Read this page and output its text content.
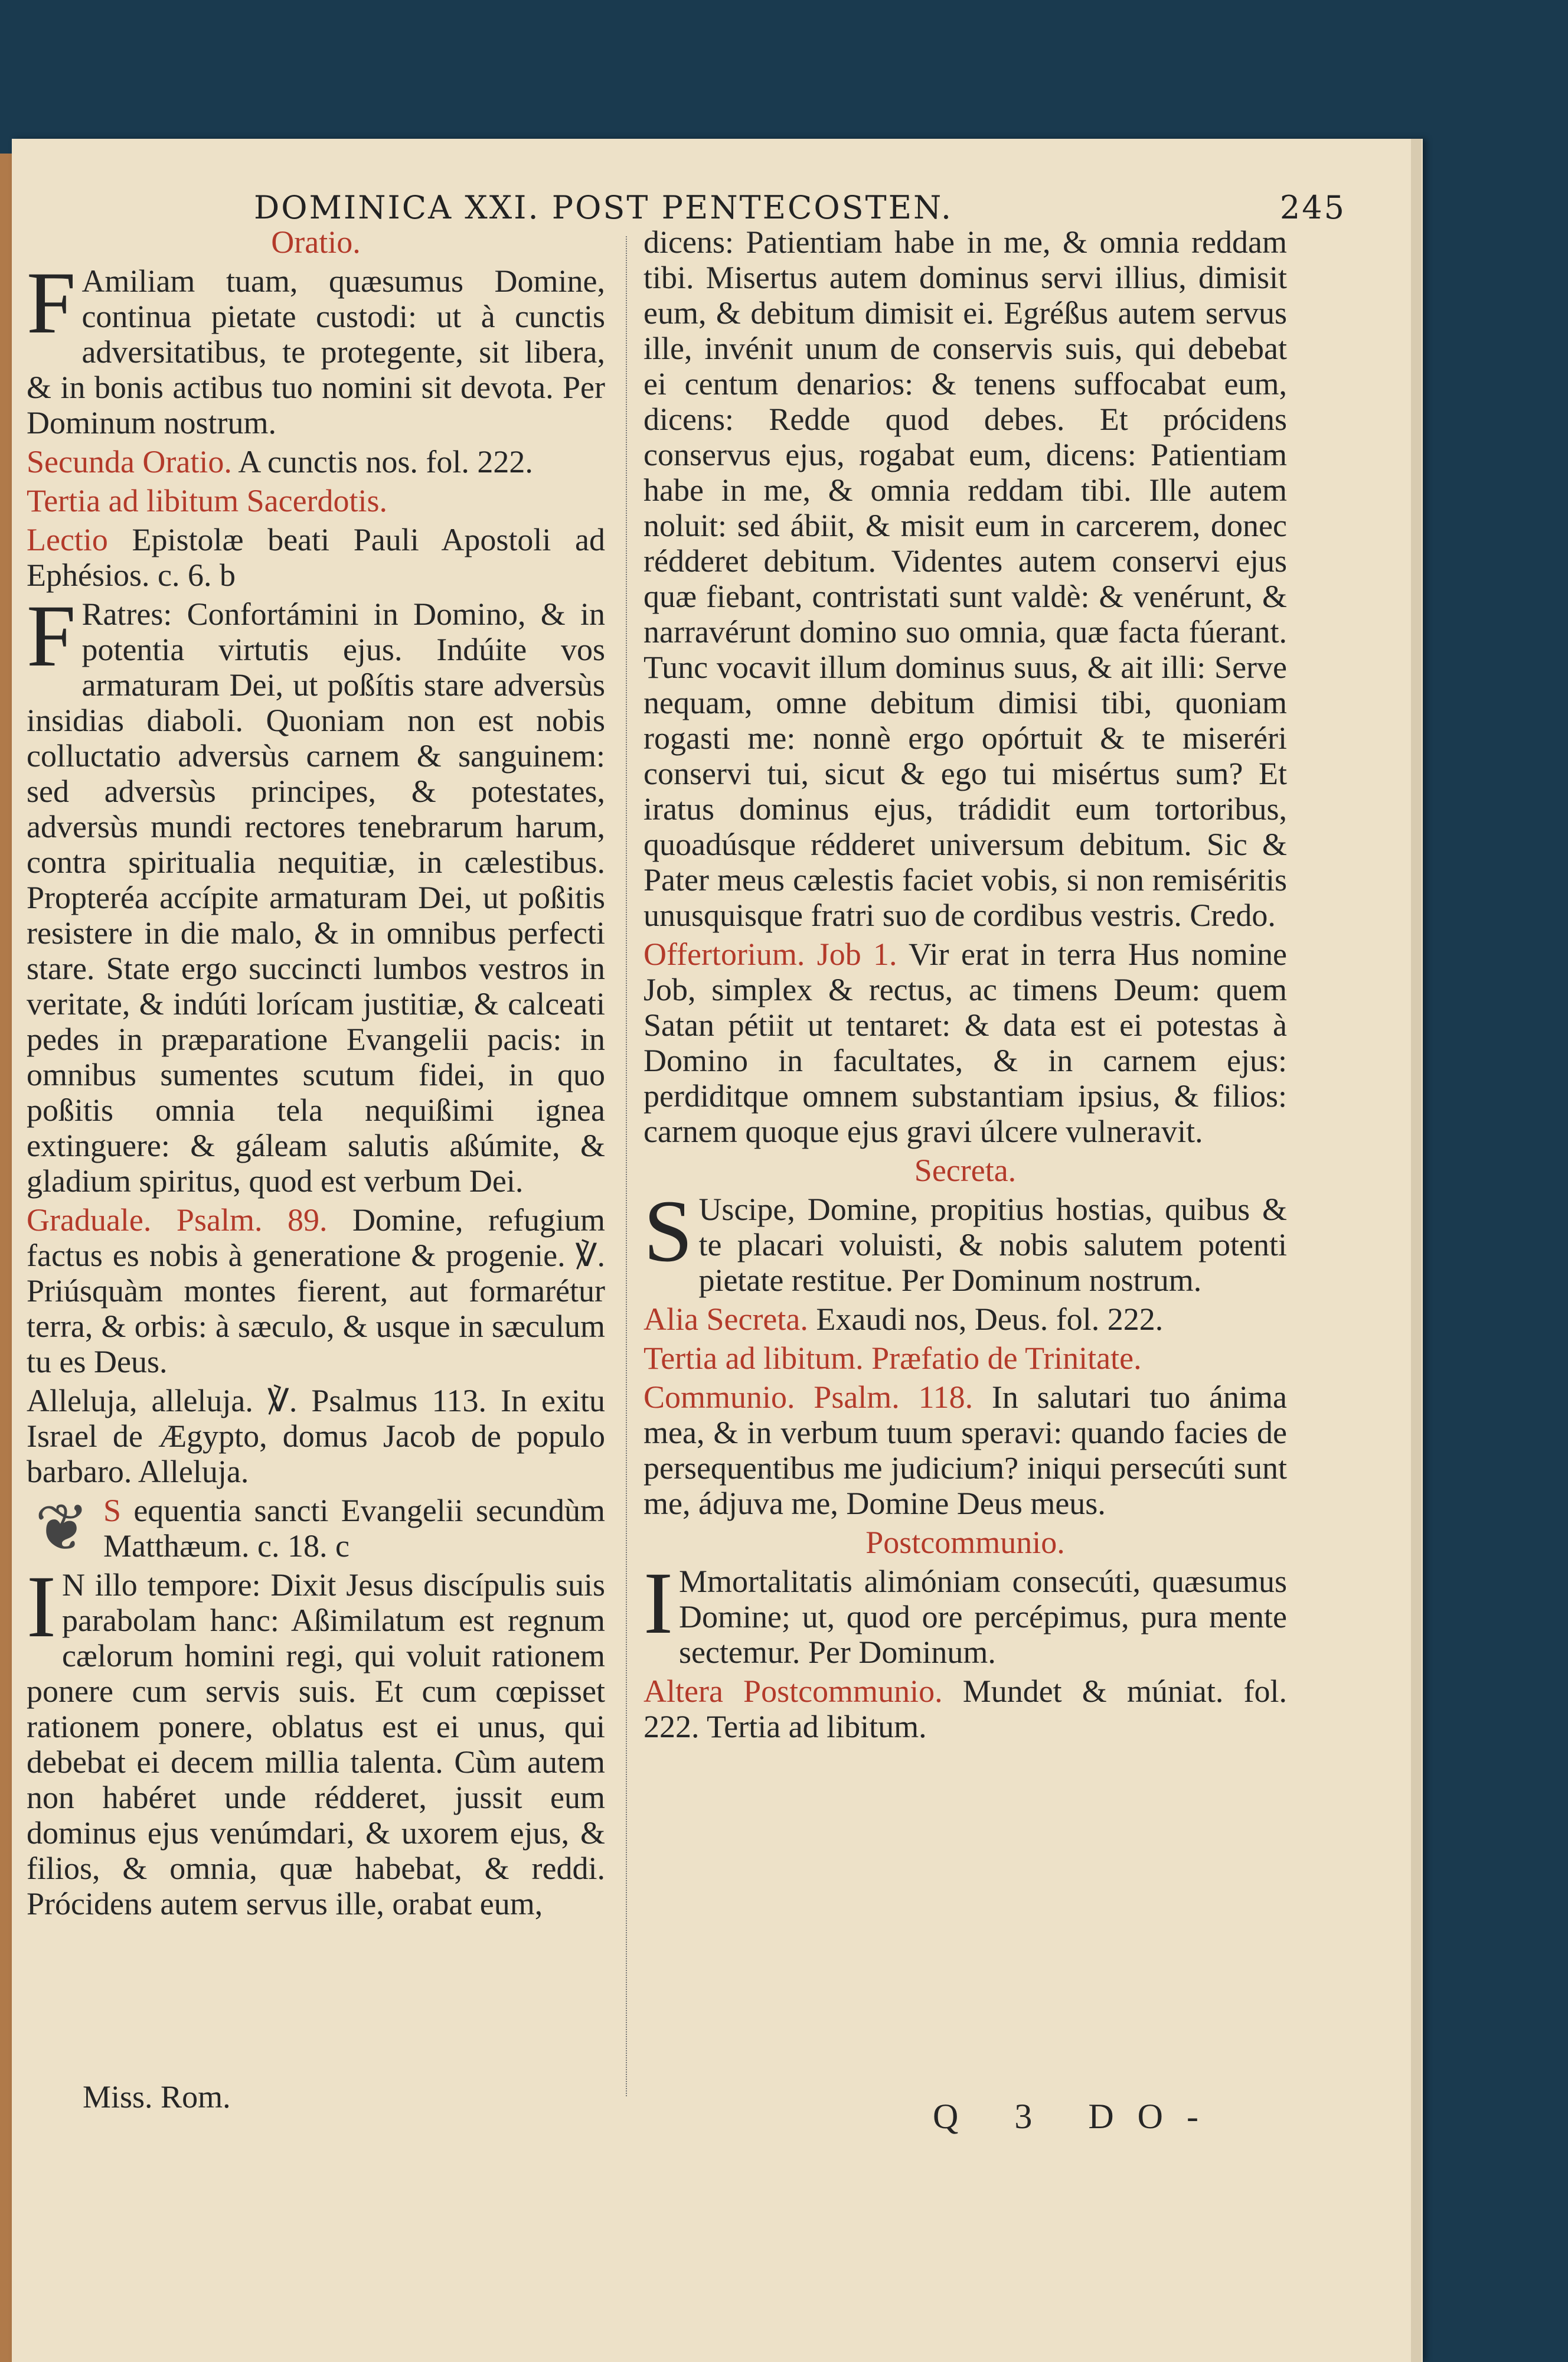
DOMINICA XXI. POST PENTECOSTEN.	245

Oratio.

F Amiliam tuam, quæsumus Domine, continua pietate custodi: ut à cunctis adversitatibus, te protegente, sit libera, & in bonis actibus tuo nomini sit devota. Per Dominum nostrum.

Secunda Oratio. A cunctis nos. fol. 222.

Tertia ad libitum Sacerdotis.

Lectio Epistolæ beati Pauli Apostoli ad Ephésios. c. 6. b

F Ratres: Confortámini in Domino, & in potentia virtutis ejus. Indúite vos armaturam Dei, ut poßítis stare adversùs insidias diaboli. Quoniam non est nobis colluctatio adversùs carnem & sanguinem: sed adversùs principes, & potestates, adversùs mundi rectores tenebrarum harum, contra spiritualia nequitiæ, in cælestibus. Propteréa accípite armaturam Dei, ut poßitis resistere in die malo, & in omnibus perfecti stare. State ergo succincti lumbos vestros in veritate, & indúti lorícam justitiæ, & calceati pedes in præparatione Evangelii pacis: in omnibus sumentes scutum fidei, in quo poßitis omnia tela nequißimi ignea extinguere: & gáleam salutis aßúmite, & gladium spiritus, quod est verbum Dei.

Graduale. Psalm. 89. Domine, refugium factus es nobis à generatione & progenie. ℣. Priúsquàm montes fierent, aut formarétur terra, & orbis: à sæculo, & usque in sæculum tu es Deus.

Alleluja, alleluja. ℣. Psalmus 113. In exitu Israel de Ægypto, domus Jacob de populo barbaro. Alleluja.

❦ S equentia sancti Evangelii secundùm Matthæum. c. 18. c

I N illo tempore: Dixit Jesus discípulis suis parabolam hanc: Aßimilatum est regnum cælorum homini regi, qui voluit rationem ponere cum servis suis. Et cum cœpisset rationem ponere, oblatus est ei unus, qui debebat ei decem millia talenta. Cùm autem non habéret unde rédderet, jussit eum dominus ejus venúmdari, & uxorem ejus, & filios, & omnia, quæ habebat, & reddi. Prócidens autem servus ille, orabat eum,

dicens: Patientiam habe in me, & omnia reddam tibi. Misertus autem dominus servi illius, dimisit eum, & debitum dimisit ei. Egréßus autem servus ille, invénit unum de conservis suis, qui debebat ei centum denarios: & tenens suffocabat eum, dicens: Redde quod debes. Et prócidens conservus ejus, rogabat eum, dicens: Patientiam habe in me, & omnia reddam tibi. Ille autem noluit: sed ábiit, & misit eum in carcerem, donec rédderet debitum. Videntes autem conservi ejus quæ fiebant, contristati sunt valdè: & venérunt, & narravérunt domino suo omnia, quæ facta fúerant. Tunc vocavit illum dominus suus, & ait illi: Serve nequam, omne debitum dimisi tibi, quoniam rogasti me: nonnè ergo opórtuit & te miseréri conservi tui, sicut & ego tui misértus sum? Et iratus dominus ejus, trádidit eum tortoribus, quoadúsque rédderet universum debitum. Sic & Pater meus cælestis faciet vobis, si non remiséritis unusquisque fratri suo de cordibus vestris. Credo.

Offertorium. Job 1. Vir erat in terra Hus nomine Job, simplex & rectus, ac timens Deum: quem Satan pétiit ut tentaret: & data est ei potestas à Domino in facultates, & in carnem ejus: perdiditque omnem substantiam ipsius, & filios: carnem quoque ejus gravi úlcere vulneravit.

Secreta.

S Uscipe, Domine, propitius hostias, quibus & te placari voluisti, & nobis salutem potenti pietate restitue. Per Dominum nostrum.

Alia Secreta. Exaudi nos, Deus. fol. 222.

Tertia ad libitum. Præfatio de Trinitate.

Communio. Psalm. 118. In salutari tuo ánima mea, & in verbum tuum speravi: quando facies de persequentibus me judicium? iniqui persecúti sunt me, ádjuva me, Domine Deus meus.

Postcommunio.

I Mmortalitatis alimóniam consecúti, quæsumus Domine; ut, quod ore percépimus, pura mente sectemur. Per Dominum.

Altera Postcommunio. Mundet & múniat. fol. 222. Tertia ad libitum.

Miss. Rom.	Q 3 DO-
